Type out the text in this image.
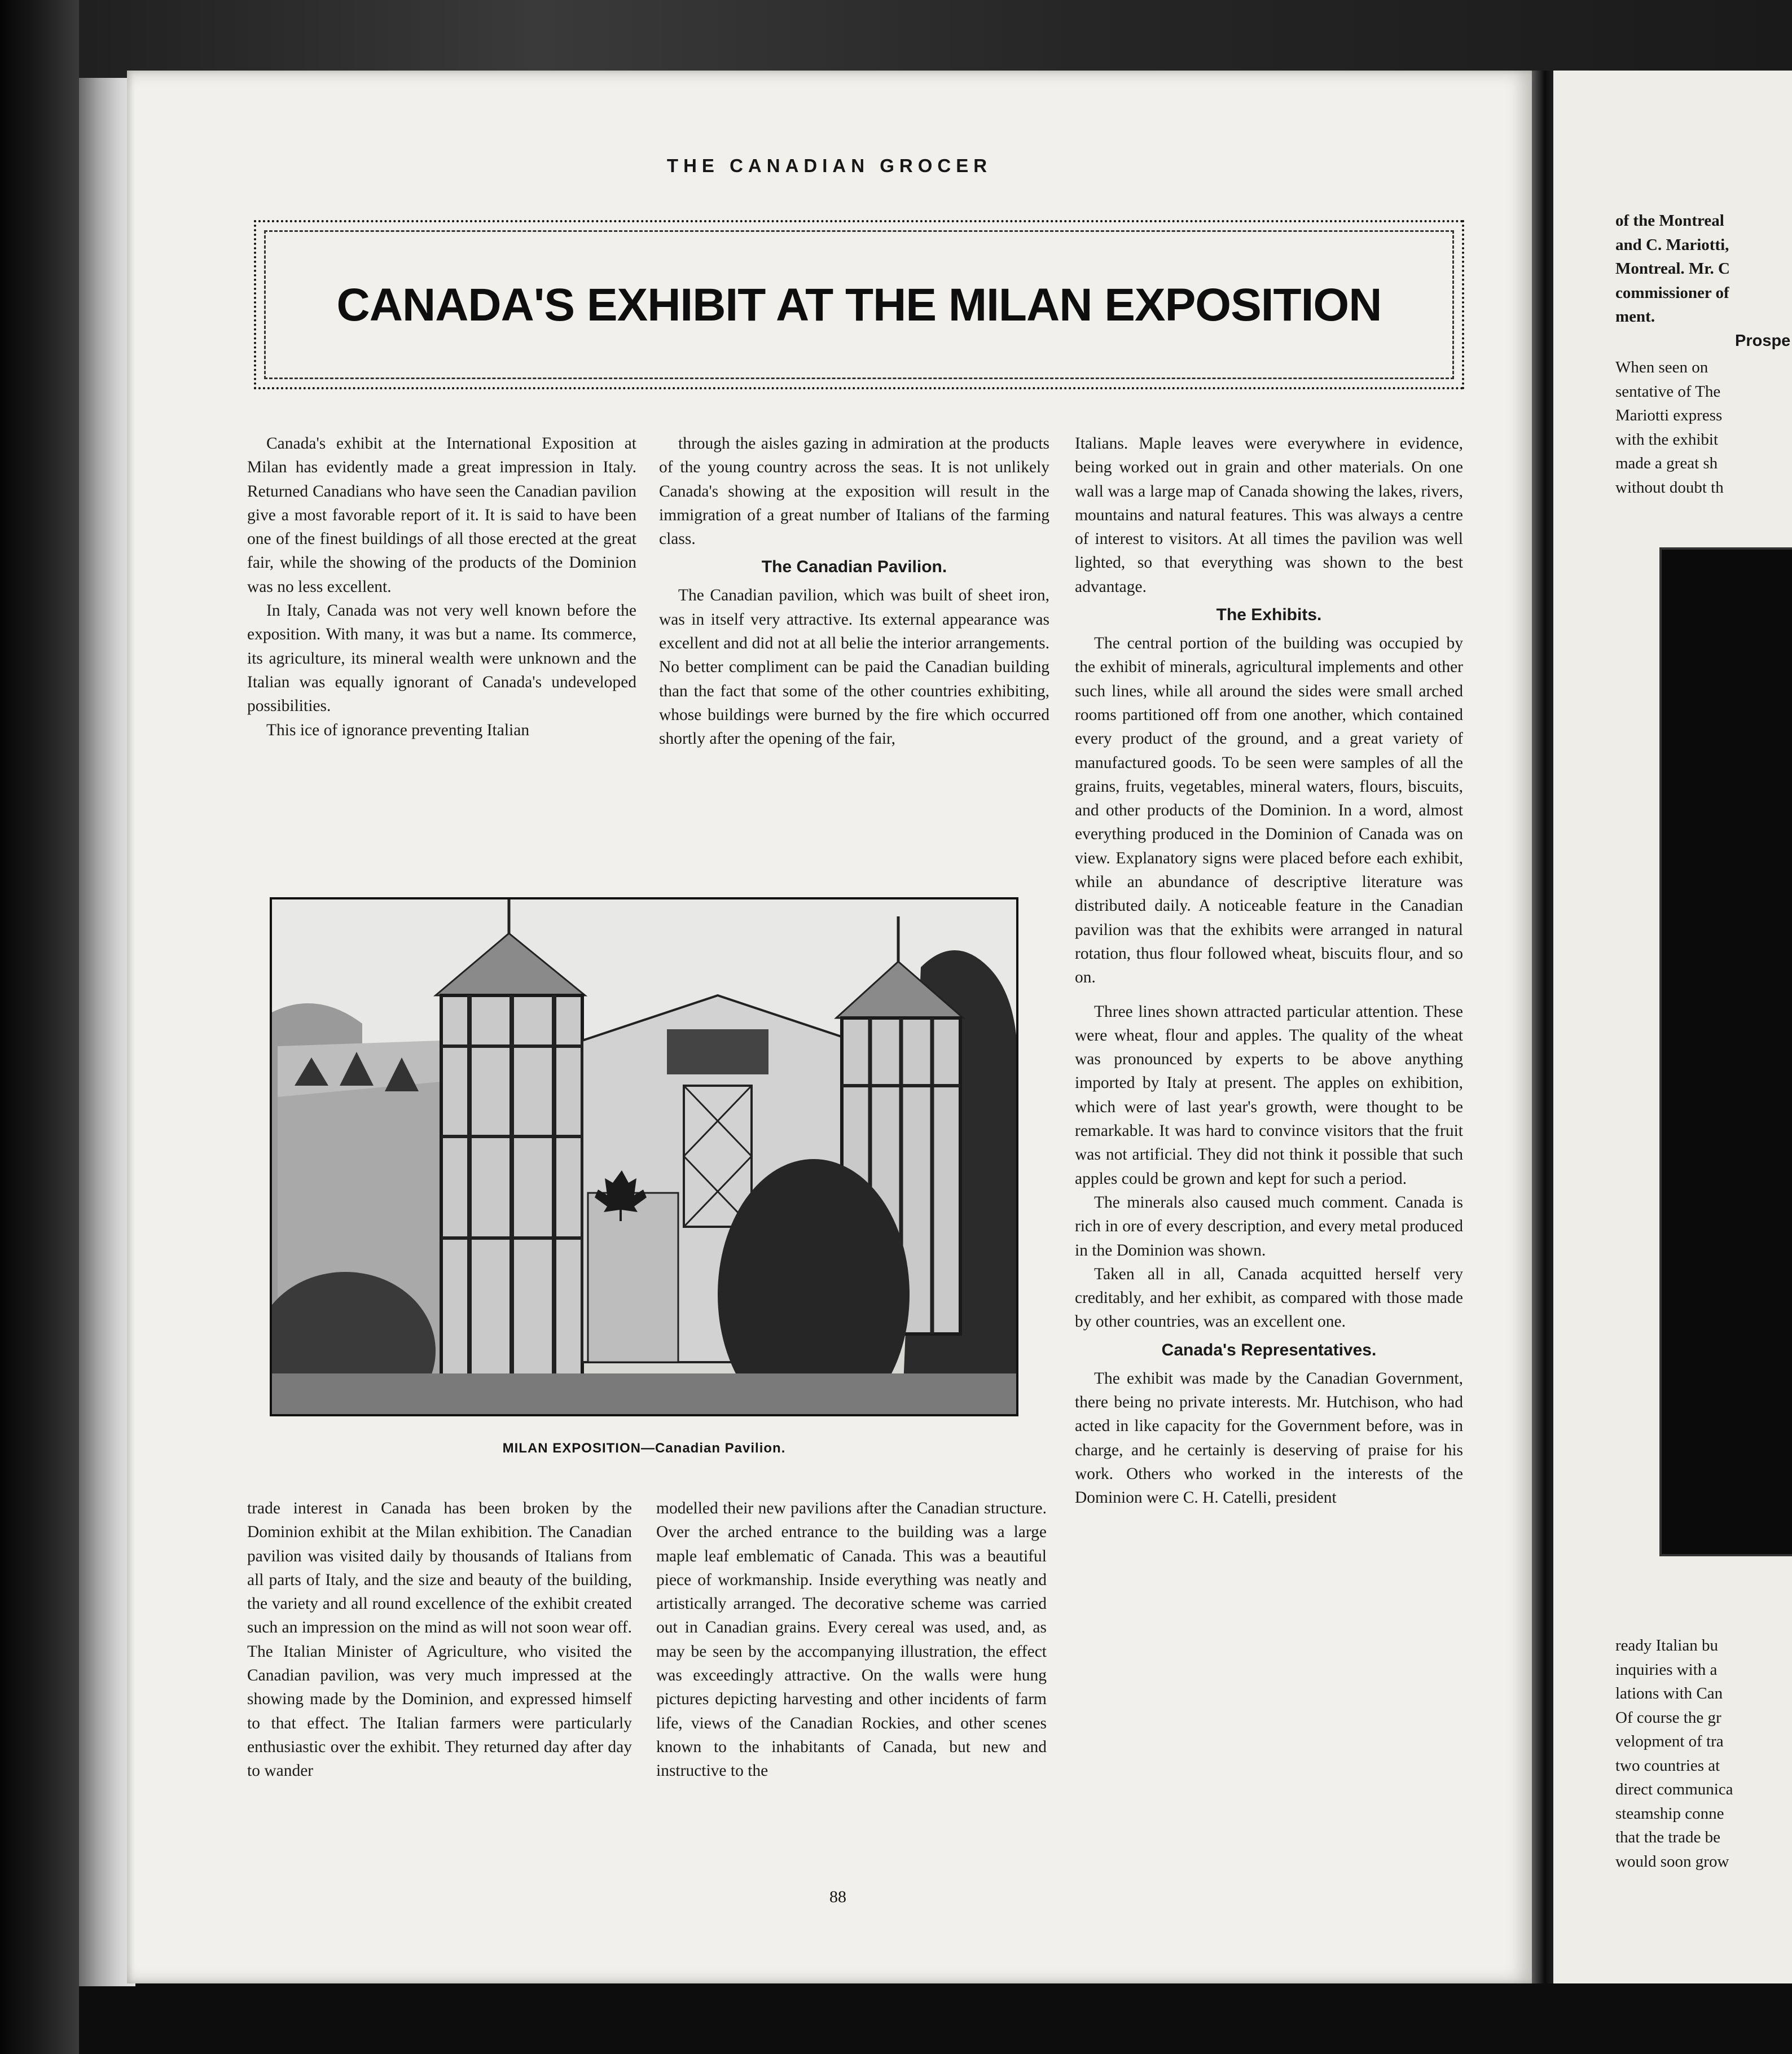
THE CANADIAN GROCER
CANADA'S EXHIBIT AT THE MILAN EXPOSITION

Canada's exhibit at the International Exposition at Milan has evidently made a great impression in Italy. Returned Canadians who have seen the Canadian pavilion give a most favorable report of it. It is said to have been one of the finest buildings of all those erected at the great fair, while the showing of the products of the Dominion was no less excellent.

In Italy, Canada was not very well known before the exposition. With many, it was but a name. Its commerce, its agriculture, its mineral wealth were unknown and the Italian was equally ignorant of Canada's undeveloped possibilities.

This ice of ignorance preventing Italian

through the aisles gazing in admiration at the products of the young country across the seas. It is not unlikely Canada's showing at the exposition will result in the immigration of a great number of Italians of the farming class.

The Canadian Pavilion.

The Canadian pavilion, which was built of sheet iron, was in itself very attractive. Its external appearance was excellent and did not at all belie the interior arrangements. No better compliment can be paid the Canadian building than the fact that some of the other countries exhibiting, whose buildings were burned by the fire which occurred shortly after the opening of the fair,

MILAN EXPOSITION—Canadian Pavilion.

trade interest in Canada has been broken by the Dominion exhibit at the Milan exhibition. The Canadian pavilion was visited daily by thousands of Italians from all parts of Italy, and the size and beauty of the building, the variety and all round excellence of the exhibit created such an impression on the mind as will not soon wear off. The Italian Minister of Agriculture, who visited the Canadian pavilion, was very much impressed at the showing made by the Dominion, and expressed himself to that effect. The Italian farmers were particularly enthusiastic over the exhibit. They returned day after day to wander

modelled their new pavilions after the Canadian structure. Over the arched entrance to the building was a large maple leaf emblematic of Canada. This was a beautiful piece of workmanship. Inside everything was neatly and artistically arranged. The decorative scheme was carried out in Canadian grains. Every cereal was used, and, as may be seen by the accompanying illustration, the effect was exceedingly attractive. On the walls were hung pictures depicting harvesting and other incidents of farm life, views of the Canadian Rockies, and other scenes known to the inhabitants of Canada, but new and instructive to the

Italians. Maple leaves were everywhere in evidence, being worked out in grain and other materials. On one wall was a large map of Canada showing the lakes, rivers, mountains and natural features. This was always a centre of interest to visitors. At all times the pavilion was well lighted, so that everything was shown to the best advantage.

The Exhibits.

The central portion of the building was occupied by the exhibit of minerals, agricultural implements and other such lines, while all around the sides were small arched rooms partitioned off from one another, which contained every product of the ground, and a great variety of manufactured goods. To be seen were samples of all the grains, fruits, vegetables, mineral waters, flours, biscuits, and other products of the Dominion. In a word, almost everything produced in the Dominion of Canada was on view. Explanatory signs were placed before each exhibit, while an abundance of descriptive literature was distributed daily. A noticeable feature in the Canadian pavilion was that the exhibits were arranged in natural rotation, thus flour followed wheat, biscuits flour, and so on.

Three lines shown attracted particular attention. These were wheat, flour and apples. The quality of the wheat was pronounced by experts to be above anything imported by Italy at present. The apples on exhibition, which were of last year's growth, were thought to be remarkable. It was hard to convince visitors that the fruit was not artificial. They did not think it possible that such apples could be grown and kept for such a period.

The minerals also caused much comment. Canada is rich in ore of every description, and every metal produced in the Dominion was shown.

Taken all in all, Canada acquitted herself very creditably, and her exhibit, as compared with those made by other countries, was an excellent one.

Canada's Representatives.

The exhibit was made by the Canadian Government, there being no private interests. Mr. Hutchison, who had acted in like capacity for the Government before, was in charge, and he certainly is deserving of praise for his work. Others who worked in the interests of the Dominion were C. H. Catelli, president

88
of the Montreal
and C. Mariotti,
Montreal. Mr. C
commissioner of
ment.
Prospe
When seen on
sentative of The
Mariotti express
with the exhibit
made a great sh
without doubt th
ready Italian bu
inquiries with a
lations with Can
Of course the gr
velopment of tra
two countries at
direct communica
steamship conne
that the trade be
would soon grow
